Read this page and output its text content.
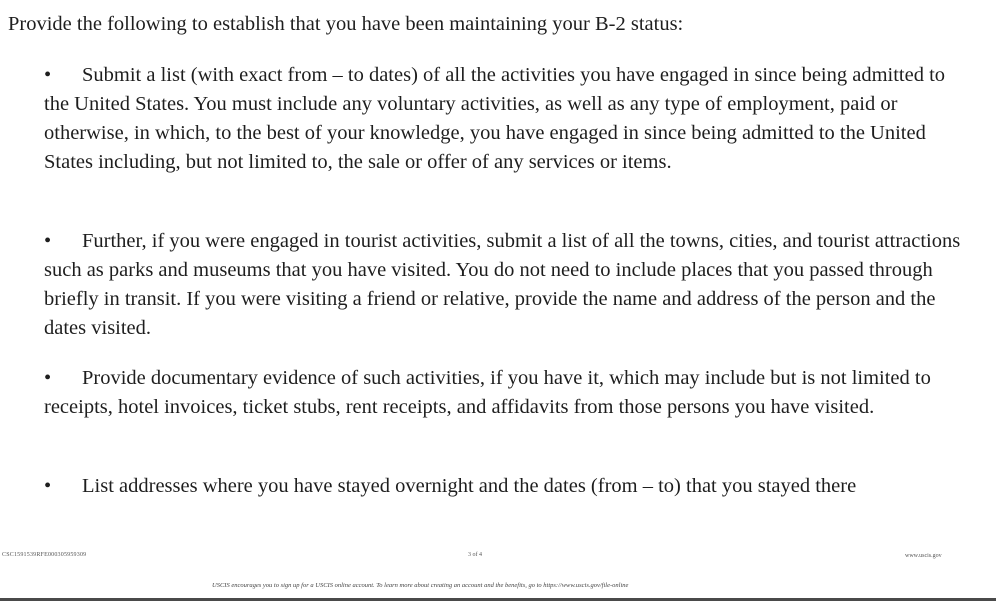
Provide the following to establish that you have been maintaining your B-2 status:
• Submit a list (with exact from – to dates) of all the activities you have engaged in since being admitted to the United States. You must include any voluntary activities, as well as any type of employment, paid or otherwise, in which, to the best of your knowledge, you have engaged in since being admitted to the United States including, but not limited to, the sale or offer of any services or items.
• Further, if you were engaged in tourist activities, submit a list of all the towns, cities, and tourist attractions such as parks and museums that you have visited. You do not need to include places that you passed through briefly in transit. If you were visiting a friend or relative, provide the name and address of the person and the dates visited.
• Provide documentary evidence of such activities, if you have it, which may include but is not limited to receipts, hotel invoices, ticket stubs, rent receipts, and affidavits from those persons you have visited.
• List addresses where you have stayed overnight and the dates (from – to) that you stayed there
CSC1591539RFE000305959309	3 of 4	www.uscis.gov
USCIS encourages you to sign up for a USCIS online account. To learn more about creating an account and the benefits, go to https://www.uscis.gov/file-online
